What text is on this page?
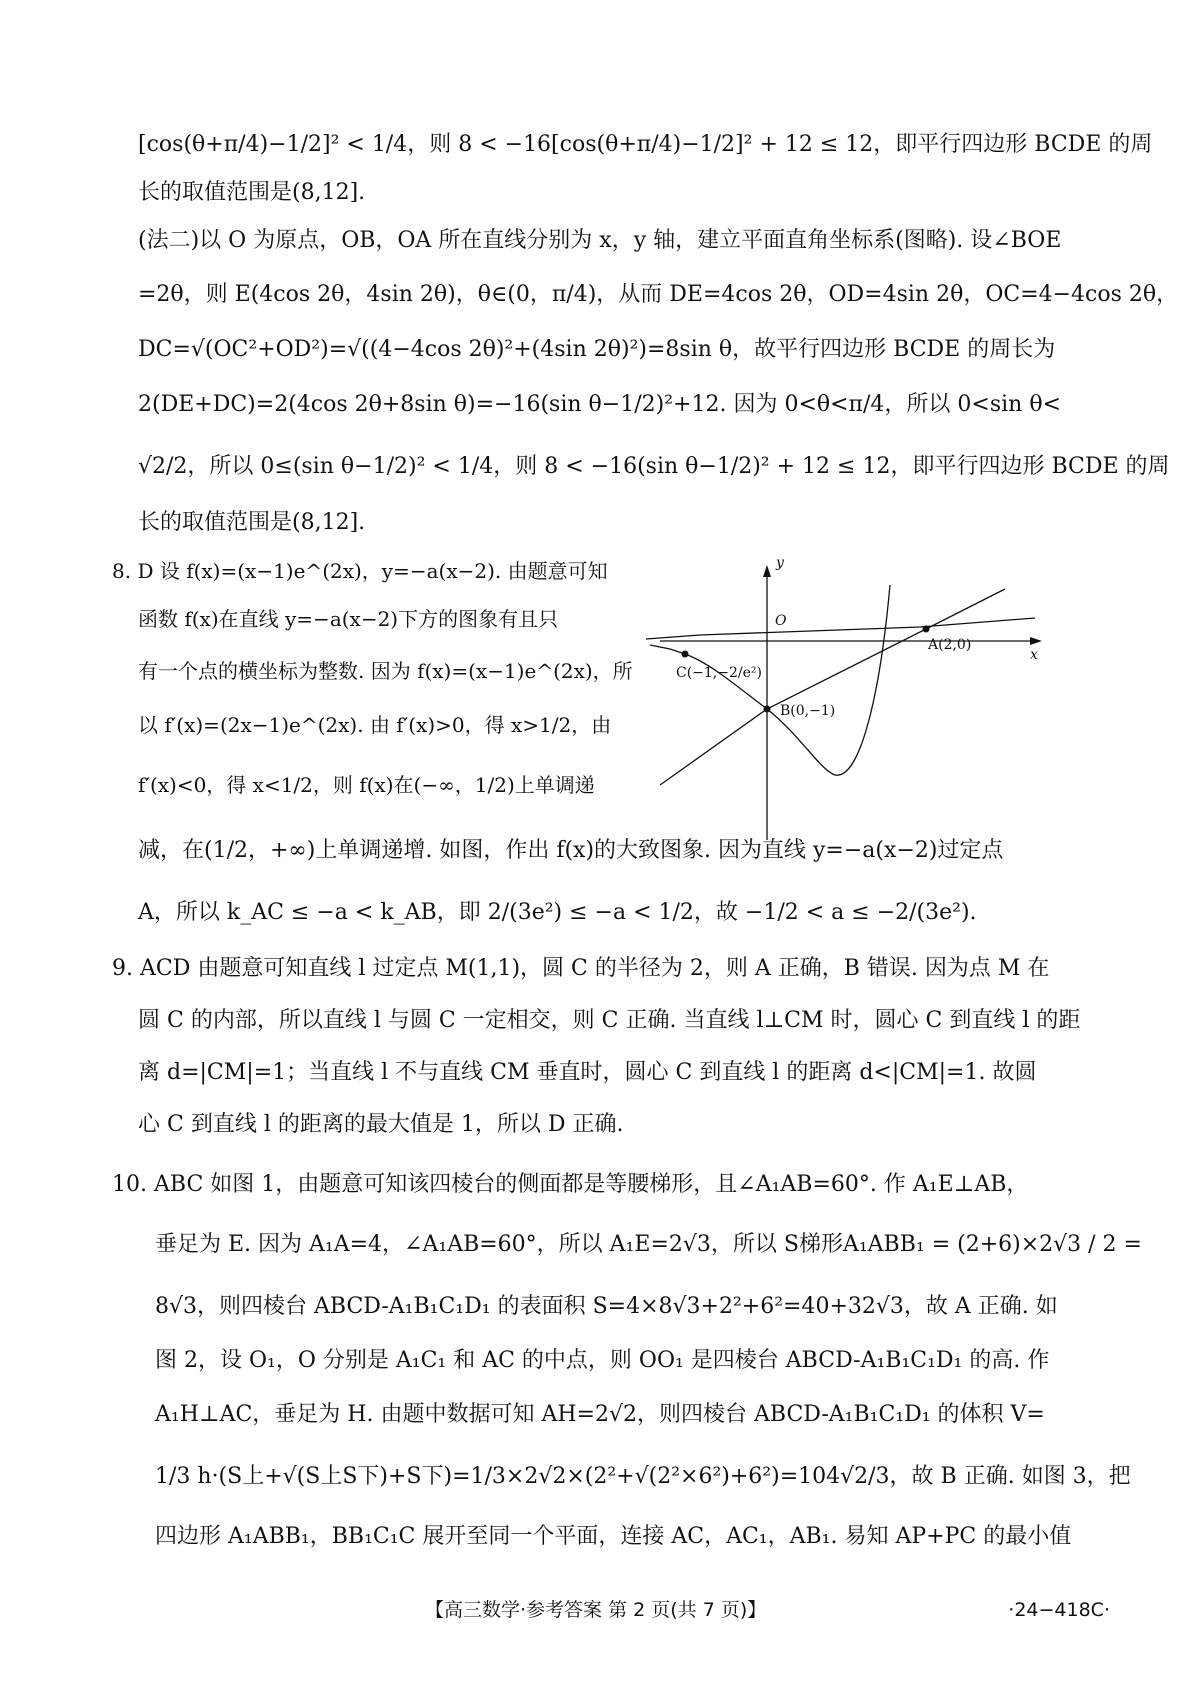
[cos(θ+π/4)−1/2]² < 1/4，则 8 < −16[cos(θ+π/4)−1/2]² + 12 ≤ 12，即平行四边形 BCDE 的周
长的取值范围是(8,12].
(法二)以 O 为原点，OB，OA 所在直线分别为 x，y 轴，建立平面直角坐标系(图略). 设∠BOE
=2θ，则 E(4cos 2θ，4sin 2θ)，θ∈(0，π/4)，从而 DE=4cos 2θ，OD=4sin 2θ，OC=4−4cos 2θ，
DC=√(OC²+OD²)=√((4−4cos 2θ)²+(4sin 2θ)²)=8sin θ，故平行四边形 BCDE 的周长为
2(DE+DC)=2(4cos 2θ+8sin θ)=−16(sin θ−1/2)²+12. 因为 0<θ<π/4，所以 0<sin θ<
√2/2，所以 0≤(sin θ−1/2)² < 1/4，则 8 < −16(sin θ−1/2)² + 12 ≤ 12，即平行四边形 BCDE 的周
长的取值范围是(8,12].
8. D 设 f(x)=(x−1)e^(2x)，y=−a(x−2). 由题意可知
函数 f(x)在直线 y=−a(x−2)下方的图象有且只
有一个点的横坐标为整数. 因为 f(x)=(x−1)e^(2x)，所
以 f′(x)=(2x−1)e^(2x). 由 f′(x)>0，得 x>1/2，由
f′(x)<0，得 x<1/2，则 f(x)在(−∞，1/2)上单调递
减，在(1/2，+∞)上单调递增. 如图，作出 f(x)的大致图象. 因为直线 y=−a(x−2)过定点
A，所以 k_AC ≤ −a < k_AB，即 2/(3e²) ≤ −a < 1/2，故 −1/2 < a ≤ −2/(3e²).
9. ACD 由题意可知直线 l 过定点 M(1,1)，圆 C 的半径为 2，则 A 正确，B 错误. 因为点 M 在
圆 C 的内部，所以直线 l 与圆 C 一定相交，则 C 正确. 当直线 l⊥CM 时，圆心 C 到直线 l 的距
离 d=|CM|=1；当直线 l 不与直线 CM 垂直时，圆心 C 到直线 l 的距离 d<|CM|=1. 故圆
心 C 到直线 l 的距离的最大值是 1，所以 D 正确.
10. ABC 如图 1，由题意可知该四棱台的侧面都是等腰梯形，且∠A₁AB=60°. 作 A₁E⊥AB，
垂足为 E. 因为 A₁A=4，∠A₁AB=60°，所以 A₁E=2√3，所以 S梯形A₁ABB₁ = (2+6)×2√3 / 2 =
8√3，则四棱台 ABCD-A₁B₁C₁D₁ 的表面积 S=4×8√3+2²+6²=40+32√3，故 A 正确. 如
图 2，设 O₁，O 分别是 A₁C₁ 和 AC 的中点，则 OO₁ 是四棱台 ABCD-A₁B₁C₁D₁ 的高. 作
A₁H⊥AC，垂足为 H. 由题中数据可知 AH=2√2，则四棱台 ABCD-A₁B₁C₁D₁ 的体积 V=
1/3 h·(S上+√(S上S下)+S下)=1/3×2√2×(2²+√(2²×6²)+6²)=104√2/3，故 B 正确. 如图 3，把
四边形 A₁ABB₁，BB₁C₁C 展开至同一个平面，连接 AC，AC₁，AB₁. 易知 AP+PC 的最小值
y
x
O
A(2,0)
B(0,−1)
C(−1,−2/e²)
【高三数学·参考答案 第 2 页(共 7 页)】	·24−418C·
